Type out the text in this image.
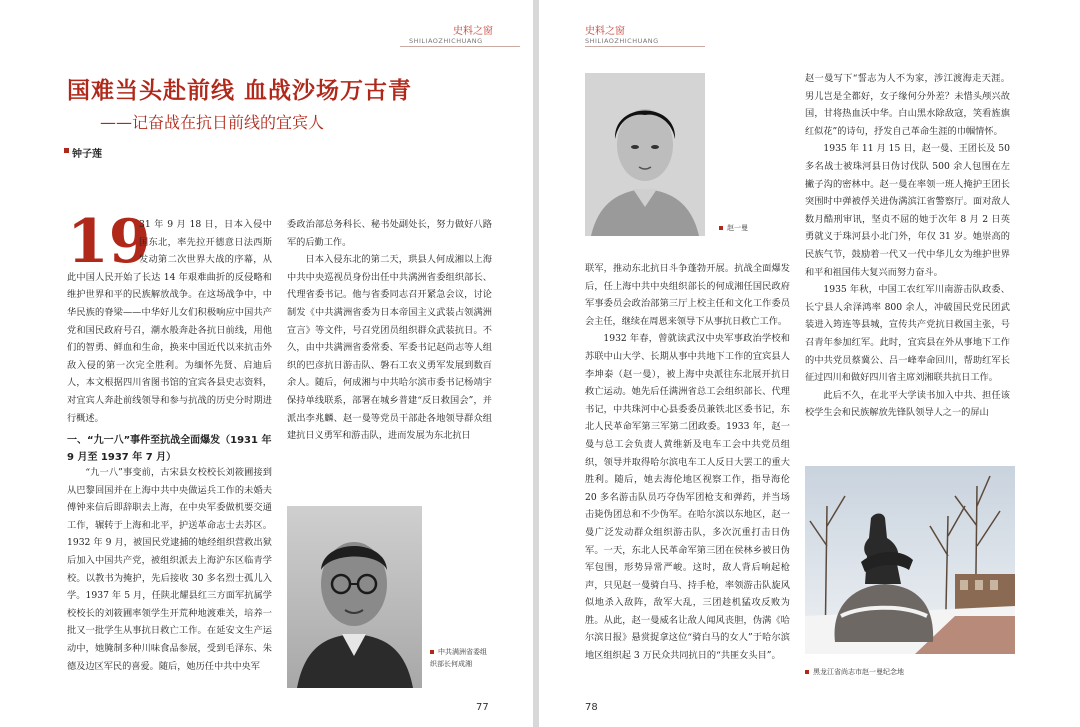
史料之窗
SHILIAOZHICHUANG
国难当头赴前线 血战沙场万古青
——记奋战在抗日前线的宜宾人
钟子莲
19

31 年 9 月 18 日，日本入侵中国东北，率先拉开德意日法西斯发动第二次世界大战的序幕，从此中国人民开始了长达 14 年艰难曲折的反侵略和维护世界和平的民族解放战争。在这场战争中，中华民族的脊梁——中华好儿女们积极响应中国共产党和国民政府号召，潮水般奔赴各抗日前线，用他们的智勇、鲜血和生命，换来中国近代以来抗击外敌入侵的第一次完全胜利。为缅怀先贤、启迪后人，本文根据四川省图书馆的宜宾各县史志资料，对宜宾人奔赴前线领导和参与抗战的历史分时期进行概述。

一、“九一八”事件至抗战全面爆发（1931 年 9 月至 1937 年 7 月）

“九一八”事变前，古宋县女校校长刘筱圃接到从巴黎回国并在上海中共中央做运兵工作的未婚夫傅钟来信后即辞职去上海，在中央军委做机要交通工作，辗转于上海和北平，护送革命志士去苏区。1932 年 9 月，被国民党逮捕的她经组织营救出狱后加入中国共产党，被组织派去上海沪东区临青学校。以教书为掩护，先后接收 30 多名烈士孤儿入学。1937 年 5 月，任陕北耀县红三方面军抗属学校校长的刘筱圃率领学生开荒种地渡难关，培养一批又一批学生从事抗日救亡工作。在延安文生产运动中，她腌制多种川味食品参展，受到毛泽东、朱德及边区军民的喜爱。随后，她历任中共中央军

委政治部总务科长、秘书处副处长，努力做好八路军的后勤工作。

日本入侵东北的第二天，珙县人何成湘以上海中共中央巡视员身份出任中共满洲省委组织部长、代理省委书记。他与省委同志召开紧急会议，讨论制发《中共满洲省委为日本帝国主义武装占领满洲宣言》等文件，号召党团员组织群众武装抗日。不久，由中共满洲省委常委、军委书记赵尚志等人组织的巴彦抗日游击队、磐石工农义勇军发展到数百余人。随后，何成湘与中共哈尔滨市委书记杨靖宇保持单线联系，部署在城乡普建“反日救国会”，并派出李兆麟、赵一曼等党员干部赴各地领导群众组建抗日义勇军和游击队，进而发展为东北抗日

中共满洲省委组织部长何成湘
77
史料之窗
SHILIAOZHICHUANG
赵一曼

联军，推动东北抗日斗争蓬勃开展。抗战全面爆发后，任上海中共中央组织部长的何成湘任国民政府军事委员会政治部第三厅上校主任和文化工作委员会主任，继续在周恩来领导下从事抗日救亡工作。

1932 年春，曾就读武汉中央军事政治学校和苏联中山大学、长期从事中共地下工作的宜宾县人李坤泰（赵一曼），被上海中央派往东北展开抗日救亡运动。她先后任满洲省总工会组织部长、代理书记，中共珠河中心县委委员兼铁北区委书记，东北人民革命军第三军第二团政委。1933 年，赵一曼与总工会负责人黄维新及电车工会中共党员组织，领导并取得哈尔滨电车工人反日大罢工的重大胜利。随后，她去海伦地区视察工作，指导海伦 20 多名游击队员巧夺伪军团枪支和弹药，并当场击毙伪团总和不少伪军。在哈尔滨以东地区，赵一曼广泛发动群众组织游击队，多次沉重打击日伪军。一天，东北人民革命军第三团在侯林乡被日伪军包围，形势异常严峻。这时，敌人背后响起枪声，只见赵一曼骑白马、持手枪，率领游击队旋风似地杀入敌阵，敌军大乱，三团趁机猛攻反败为胜。从此，赵一曼威名让敌人闻风丧胆，伪满《哈尔滨日报》悬赏捉拿这位“骑白马的女人”于哈尔滨地区组织起 3 万民众共同抗日的“共匪女头目”。

赵一曼写下“誓志为人不为家，涉江渡海走天涯。男儿岂是全都好，女子缘何分外差？未惜头颅兴故国，甘将热血沃中华。白山黑水除敌寇，笑看旌旗红似花”的诗句，抒发自己革命生涯的巾帼情怀。

1935 年 11 月 15 日，赵一曼、王团长及 50 多名战士被珠河县日伪讨伐队 500 余人包围在左撇子沟的密林中。赵一曼在率领一班人掩护王团长突围时中弹被俘关进伪满滨江省警察厅。面对敌人数月酷刑审讯，坚贞不屈的她于次年 8 月 2 日英勇就义于珠河县小北门外，年仅 31 岁。她崇高的民族气节，鼓励着一代又一代中华儿女为维护世界和平和祖国伟大复兴而努力奋斗。

1935 年秋，中国工农红军川南游击队政委、长宁县人余泽鸿率 800 余人，冲破国民党民团武装进入筠连等县城，宣传共产党抗日救国主张，号召青年参加红军。此时，宜宾县在外从事地下工作的中共党员蔡冀公、吕一峰奉命回川，帮助红军长征过四川和做好四川省主席刘湘联共抗日工作。

此后不久，在北平大学读书加入中共、担任该校学生会和民族解放先锋队领导人之一的屏山

黑龙江省尚志市赵一曼纪念地
78
